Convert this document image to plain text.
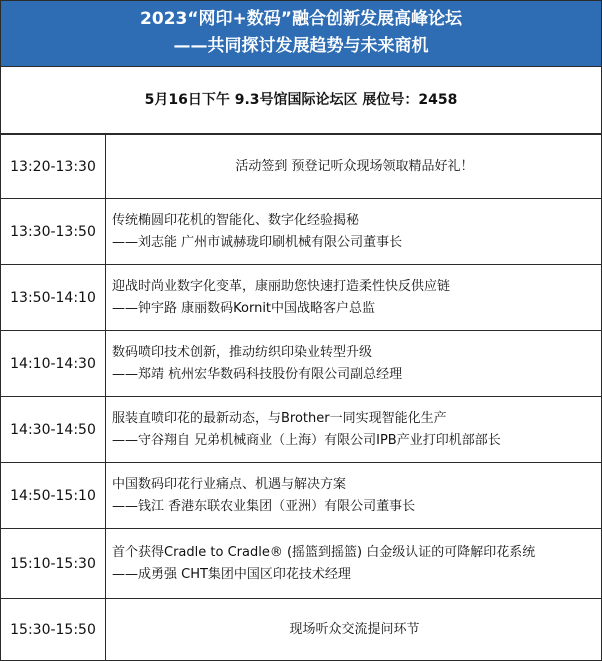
2023“网印+数码”融合创新发展高峰论坛
——共同探讨发展趋势与未来商机
5月16日下午 9.3号馆国际论坛区 展位号：2458
13:20-13:30	活动签到 预登记听众现场领取精品好礼！
13:30-13:50	传统椭圆印花机的智能化、数字化经验揭秘
——刘志能 广州市诚赫珑印刷机械有限公司董事长

13:50-14:10	迎战时尚业数字化变革，康丽助您快速打造柔性快反供应链
——钟宇路 康丽数码Kornit中国战略客户总监

14:10-14:30	数码喷印技术创新，推动纺织印染业转型升级
——郑靖 杭州宏华数码科技股份有限公司副总经理

14:30-14:50	服装直喷印花的最新动态，与Brother一同实现智能化生产
——守谷翔自 兄弟机械商业（上海）有限公司IPB产业打印机部部长

14:50-15:10	中国数码印花行业痛点、机遇与解决方案
——钱江 香港东联农业集团（亚洲）有限公司董事长

15:10-15:30	首个获得Cradle to Cradle® (摇篮到摇篮) 白金级认证的可降解印花系统
——成勇强 CHT集团中国区印花技术经理

15:30-15:50	现场听众交流提问环节
